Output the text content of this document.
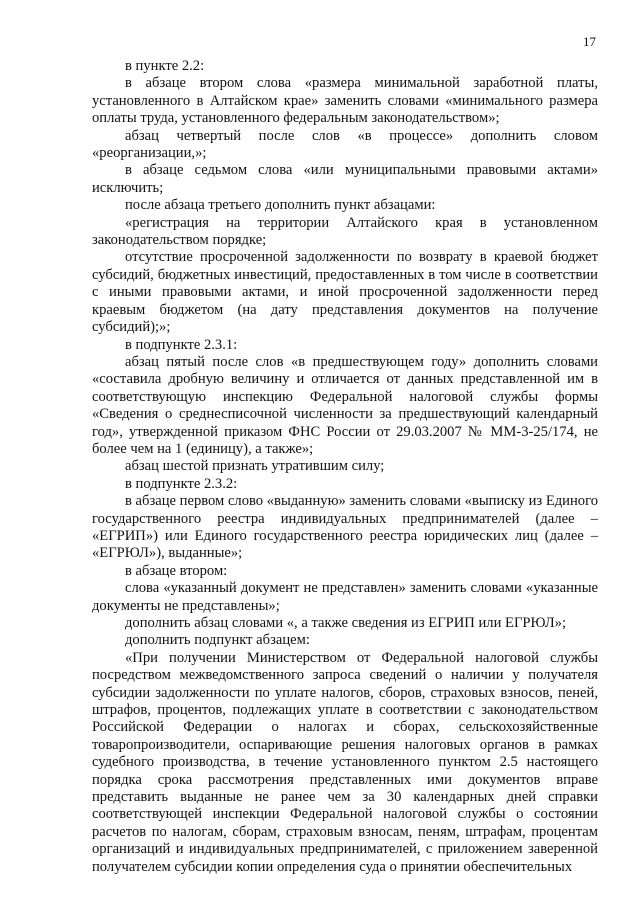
17

в пункте 2.2:

в абзаце втором слова «размера минимальной заработной платы, установленного в Алтайском крае» заменить словами «минимального размера оплаты труда, установленного федеральным законодательством»;

абзац четвертый после слов «в процессе» дополнить словом «реорганизации,»;

в абзаце седьмом слова «или муниципальными правовыми актами» исключить;

после абзаца третьего дополнить пункт абзацами:

«регистрация на территории Алтайского края в установленном законодательством порядке;

отсутствие просроченной задолженности по возврату в краевой бюджет субсидий, бюджетных инвестиций, предоставленных в том числе в соответствии с иными правовыми актами, и иной просроченной задолженности перед краевым бюджетом (на дату представления документов на получение субсидий);»;

в подпункте 2.3.1:

абзац пятый после слов «в предшествующем году» дополнить словами «составила дробную величину и отличается от данных представленной им в соответствующую инспекцию Федеральной налоговой службы формы «Сведения о среднесписочной численности за предшествующий календарный год», утвержденной приказом ФНС России от 29.03.2007 № ММ-3-25/174, не более чем на 1 (единицу), а также»;

абзац шестой признать утратившим силу;

в подпункте 2.3.2:

в абзаце первом слово «выданную» заменить словами «выписку из Единого государственного реестра индивидуальных предпринимателей (далее – «ЕГРИП») или Единого государственного реестра юридических лиц (далее – «ЕГРЮЛ»), выданные»;

в абзаце втором:

слова «указанный документ не представлен» заменить словами «указанные документы не представлены»;

дополнить абзац словами «, а также сведения из ЕГРИП или ЕГРЮЛ»;

дополнить подпункт абзацем:

«При получении Министерством от Федеральной налоговой службы посредством межведомственного запроса сведений о наличии у получателя субсидии задолженности по уплате налогов, сборов, страховых взносов, пеней, штрафов, процентов, подлежащих уплате в соответствии с законодательством Российской Федерации о налогах и сборах, сельскохозяйственные товаропроизводители, оспаривающие решения налоговых органов в рамках судебного производства, в течение установленного пунктом 2.5 настоящего порядка срока рассмотрения представленных ими документов вправе представить выданные не ранее чем за 30 календарных дней справки соответствующей инспекции Федеральной налоговой службы о состоянии расчетов по налогам, сборам, страховым взносам, пеням, штрафам, процентам организаций и индивидуальных предпринимателей, с приложением заверенной получателем субсидии копии определения суда о принятии обеспечительных
